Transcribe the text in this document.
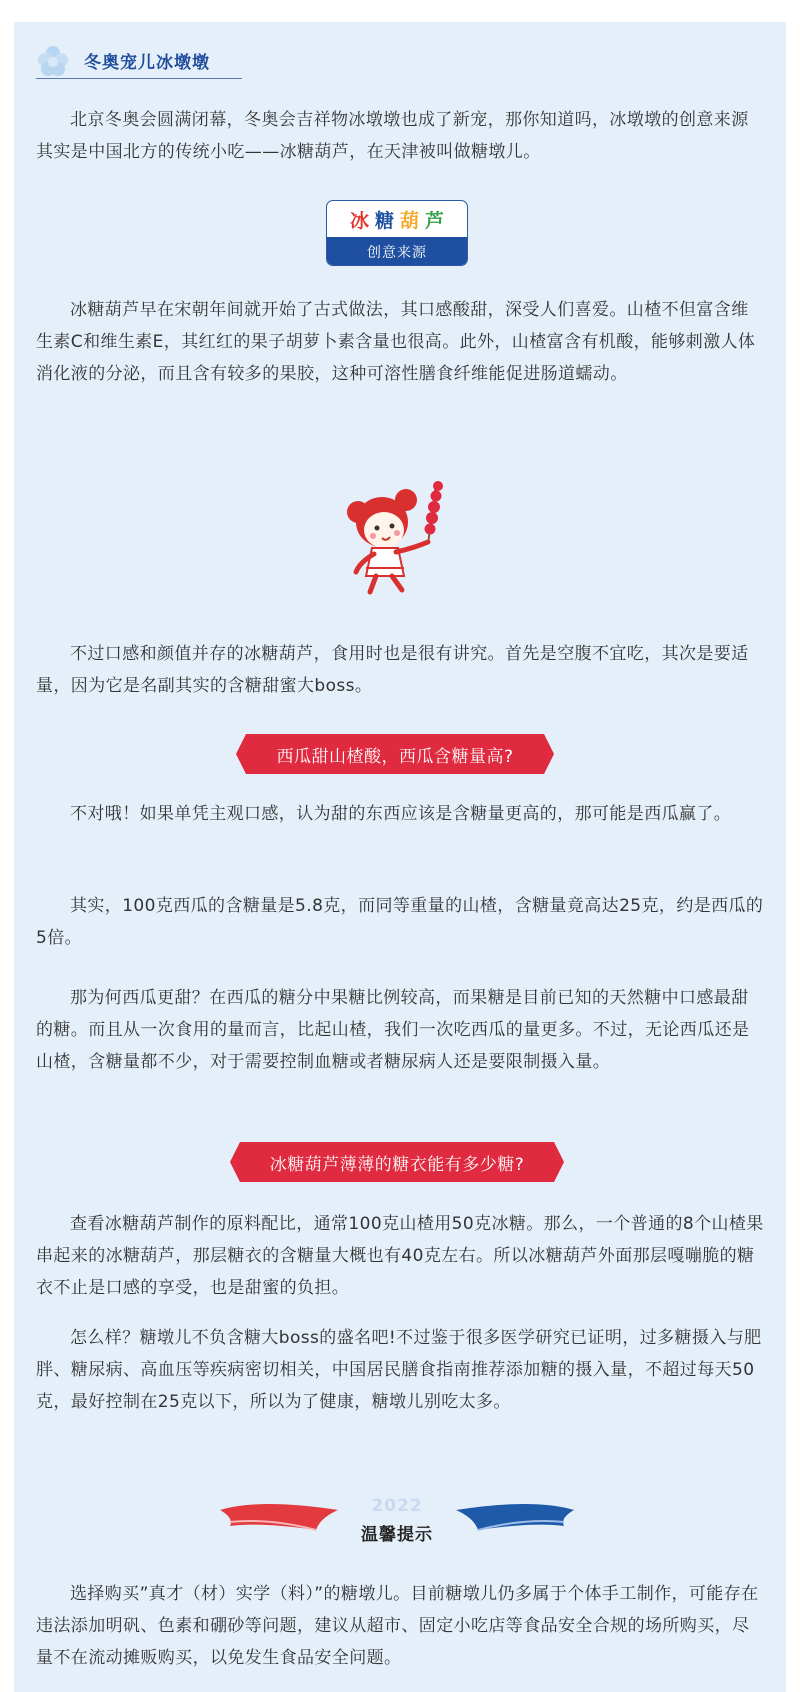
冬奥宠儿冰墩墩

北京冬奥会圆满闭幕，冬奥会吉祥物冰墩墩也成了新宠，那你知道吗，冰墩墩的创意来源其实是中国北方的传统小吃——冰糖葫芦，在天津被叫做糖墩儿。

冰 糖 葫 芦
创意来源

冰糖葫芦早在宋朝年间就开始了古式做法，其口感酸甜，深受人们喜爱。山楂不但富含维生素C和维生素E，其红红的果子胡萝卜素含量也很高。此外，山楂富含有机酸，能够刺激人体消化液的分泌，而且含有较多的果胶，这种可溶性膳食纤维能促进肠道蠕动。

不过口感和颜值并存的冰糖葫芦，食用时也是很有讲究。首先是空腹不宜吃，其次是要适量，因为它是名副其实的含糖甜蜜大boss。

西瓜甜山楂酸，西瓜含糖量高?

不对哦！如果单凭主观口感，认为甜的东西应该是含糖量更高的，那可能是西瓜赢了。

其实，100克西瓜的含糖量是5.8克，而同等重量的山楂，含糖量竟高达25克，约是西瓜的5倍。

那为何西瓜更甜？在西瓜的糖分中果糖比例较高，而果糖是目前已知的天然糖中口感最甜的糖。而且从一次食用的量而言，比起山楂，我们一次吃西瓜的量更多。不过，无论西瓜还是山楂，含糖量都不少，对于需要控制血糖或者糖尿病人还是要限制摄入量。

冰糖葫芦薄薄的糖衣能有多少糖?

查看冰糖葫芦制作的原料配比，通常100克山楂用50克冰糖。那么，一个普通的8个山楂果串起来的冰糖葫芦，那层糖衣的含糖量大概也有40克左右。所以冰糖葫芦外面那层嘎嘣脆的糖衣不止是口感的享受，也是甜蜜的负担。

怎么样？糖墩儿不负含糖大boss的盛名吧!不过鉴于很多医学研究已证明，过多糖摄入与肥胖、糖尿病、高血压等疾病密切相关，中国居民膳食指南推荐添加糖的摄入量，不超过每天50克，最好控制在25克以下，所以为了健康，糖墩儿别吃太多。

2022
温馨提示

选择购买”真才（材）实学（料）”的糖墩儿。目前糖墩儿仍多属于个体手工制作，可能存在违法添加明矾、色素和硼砂等问题，建议从超市、固定小吃店等食品安全合规的场所购买，尽量不在流动摊贩购买，以免发生食品安全问题。
